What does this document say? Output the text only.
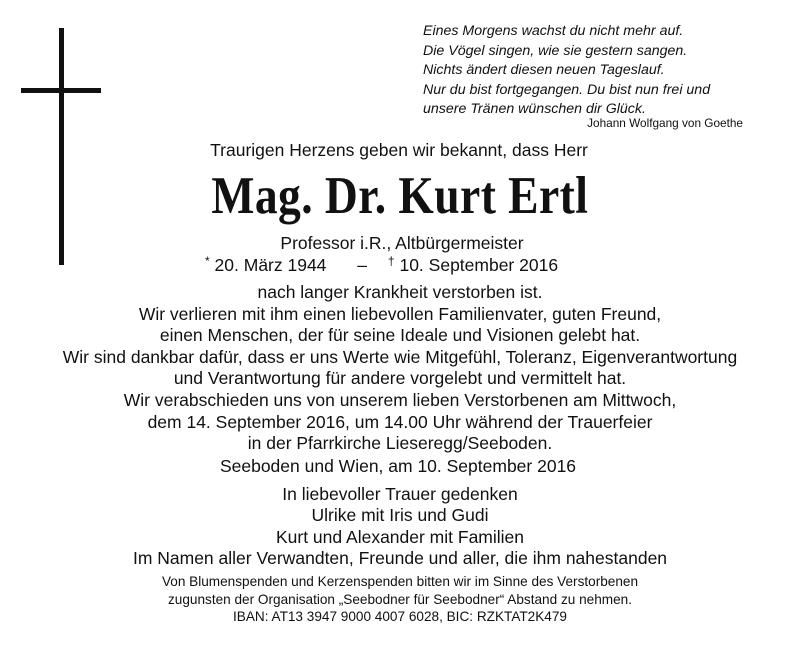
Eines Morgens wachst du nicht mehr auf.
Die Vögel singen, wie sie gestern sangen.
Nichts ändert diesen neuen Tageslauf.
Nur du bist fortgegangen. Du bist nun frei und
unsere Tränen wünschen dir Glück.
Johann Wolfgang von Goethe
Traurigen Herzens geben wir bekannt, dass Herr
Mag. Dr. Kurt Ertl
Professor i.R., Altbürgermeister
* 20. März 1944 – † 10. September 2016
nach langer Krankheit verstorben ist.
Wir verlieren mit ihm einen liebevollen Familienvater, guten Freund,
einen Menschen, der für seine Ideale und Visionen gelebt hat.
Wir sind dankbar dafür, dass er uns Werte wie Mitgefühl, Toleranz, Eigenverantwortung
und Verantwortung für andere vorgelebt und vermittelt hat.
Wir verabschieden uns von unserem lieben Verstorbenen am Mittwoch,
dem 14. September 2016, um 14.00 Uhr während der Trauerfeier
in der Pfarrkirche Lieseregg/Seeboden.
Seeboden und Wien, am 10. September 2016
In liebevoller Trauer gedenken
Ulrike mit Iris und Gudi
Kurt und Alexander mit Familien
Im Namen aller Verwandten, Freunde und aller, die ihm nahestanden
Von Blumenspenden und Kerzenspenden bitten wir im Sinne des Verstorbenen
zugunsten der Organisation „Seebodner für Seebodner“ Abstand zu nehmen.
IBAN: AT13 3947 9000 4007 6028, BIC: RZKTAT2K479
